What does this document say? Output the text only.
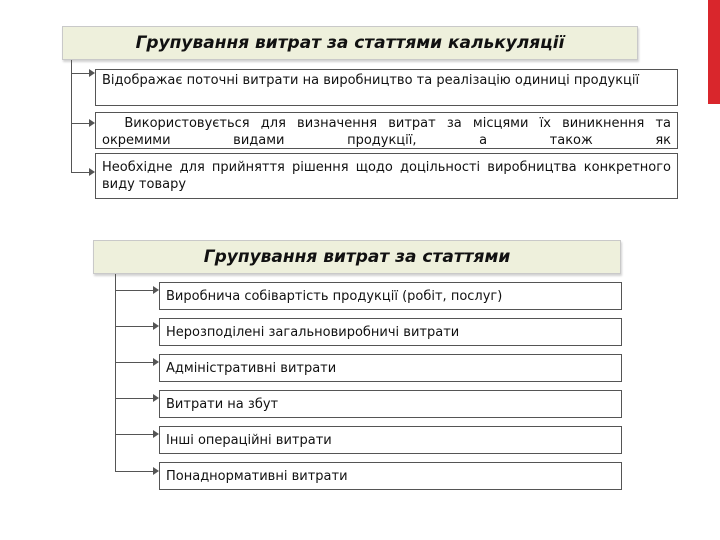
Групування витрат за статтями калькуляції
Відображає поточні витрати на виробництво та реалізацію одиниці продукції
Використовується для визначення витрат за місцями їх виникнення та окремими видами продукції, а також як
Необхідне для прийняття рішення щодо доцільності виробництва конкретного виду товару
Групування витрат за статтями
Виробнича собівартість продукції (робіт, послуг)
Нерозподілені загальновиробничі витрати
Адміністративні витрати
Витрати на збут
Інші операційні витрати
Понаднормативні витрати
